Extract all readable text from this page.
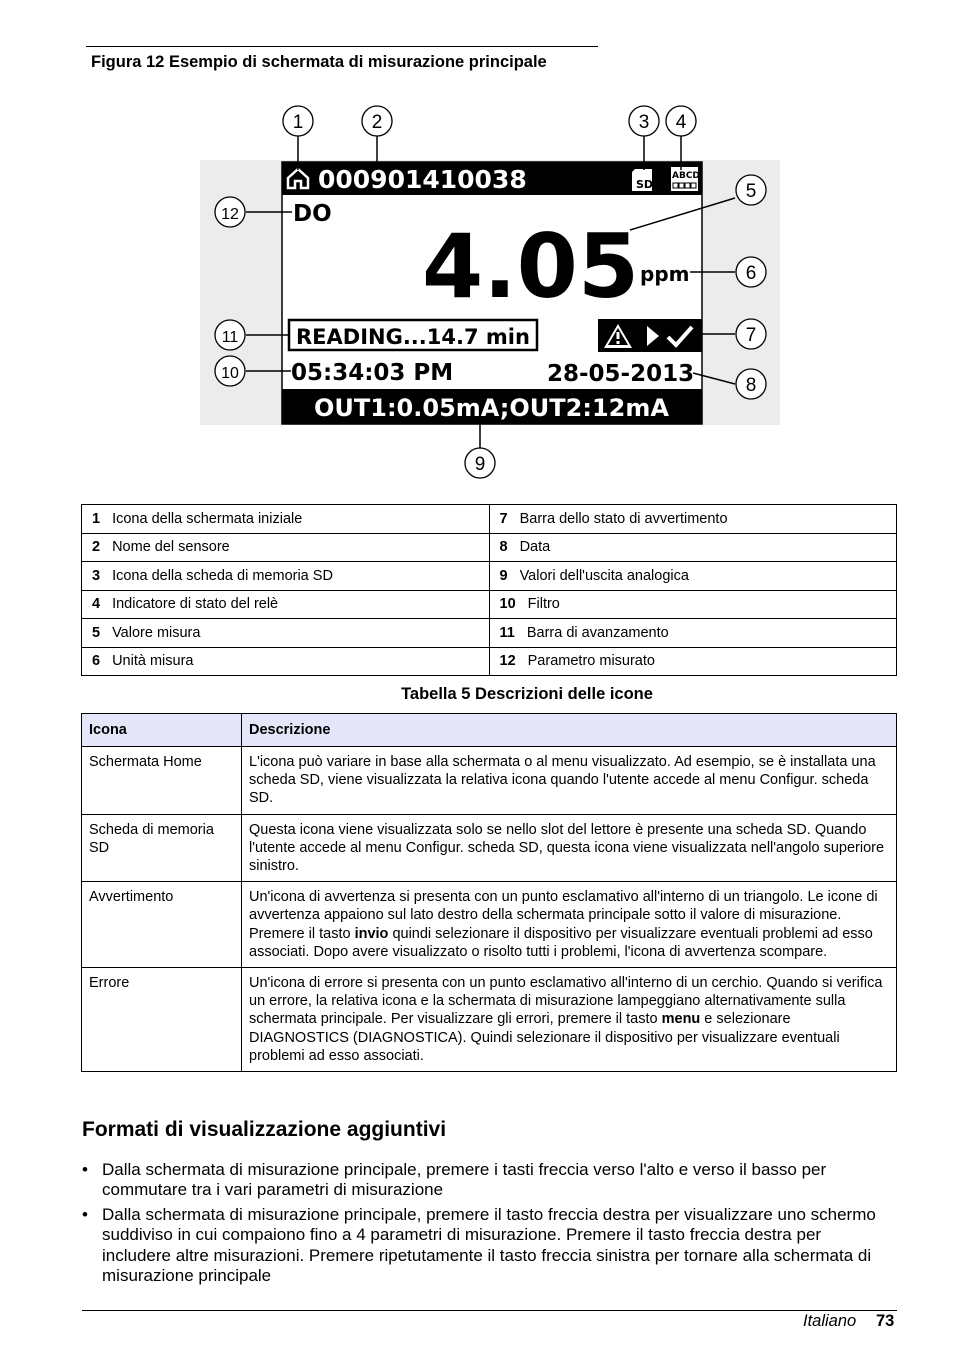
Figura 12 Esempio di schermata di misurazione principale
000901410038	SD
ABCD
DO
4.05 ppm
READING...14.7 min
05:34:03 PM	28-05-2013
OUT1:0.05mA;OUT2:12mA
1	2	3 4
5
6
7
8
9
10
11
12
1 Icona della schermata iniziale	7 Barra dello stato di avvertimento
2 Nome del sensore	8 Data
3 Icona della scheda di memoria SD	9 Valori dell'uscita analogica
4 Indicatore di stato del relè	10 Filtro
5 Valore misura	11 Barra di avanzamento
6 Unità misura	12 Parametro misurato
Tabella 5 Descrizioni delle icone
Icona	Descrizione
Schermata Home	L'icona può variare in base alla schermata o al menu visualizzato. Ad esempio, se è installata una scheda SD, viene visualizzata la relativa icona quando l'utente accede al menu Configur. scheda SD.
Scheda di memoria SD	Questa icona viene visualizzata solo se nello slot del lettore è presente una scheda SD. Quando l'utente accede al menu Configur. scheda SD, questa icona viene visualizzata nell'angolo superiore sinistro.
Avvertimento	Un'icona di avvertenza si presenta con un punto esclamativo all'interno di un triangolo. Le icone di avvertenza appaiono sul lato destro della schermata principale sotto il valore di misurazione. Premere il tasto invio quindi selezionare il dispositivo per visualizzare eventuali problemi ad esso associati. Dopo avere visualizzato o risolto tutti i problemi, l'icona di avvertenza scompare.
Errore	Un'icona di errore si presenta con un punto esclamativo all'interno di un cerchio. Quando si verifica un errore, la relativa icona e la schermata di misurazione lampeggiano alternativamente sulla schermata principale. Per visualizzare gli errori, premere il tasto menu e selezionare DIAGNOSTICS (DIAGNOSTICA). Quindi selezionare il dispositivo per visualizzare eventuali problemi ad esso associati.
Formati di visualizzazione aggiuntivi
• Dalla schermata di misurazione principale, premere i tasti freccia verso l'alto e verso il basso per commutare tra i vari parametri di misurazione
• Dalla schermata di misurazione principale, premere il tasto freccia destra per visualizzare uno schermo suddiviso in cui compaiono fino a 4 parametri di misurazione. Premere il tasto freccia destra per includere altre misurazioni. Premere ripetutamente il tasto freccia sinistra per tornare alla schermata di misurazione principale
Italiano 73
